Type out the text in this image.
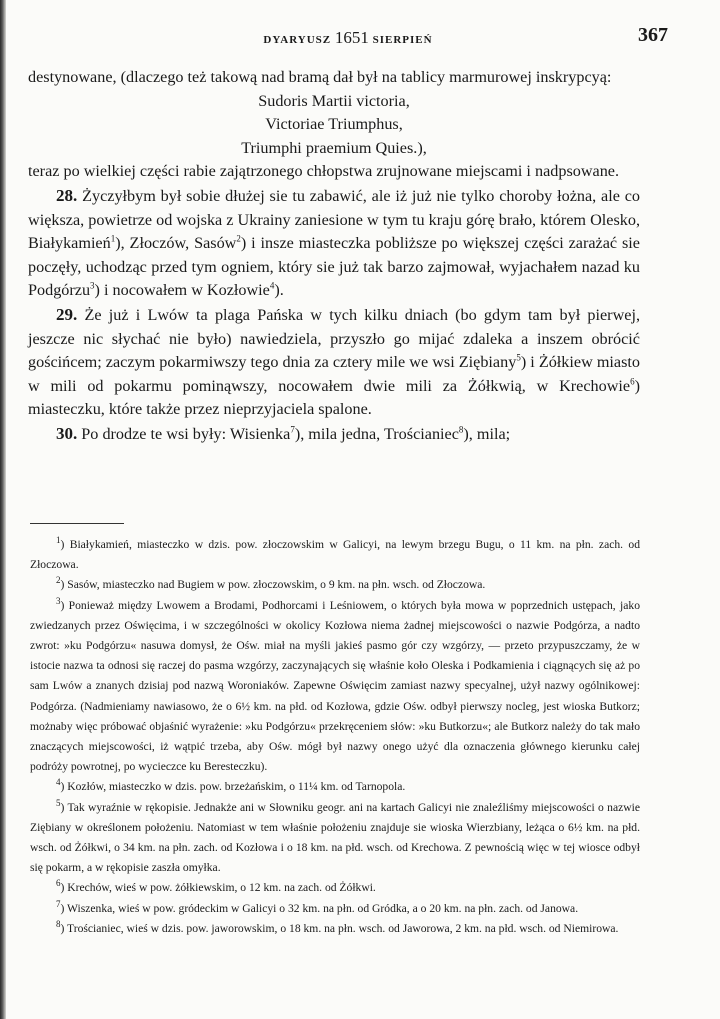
DYARYUSZ 1651 SIERPIEŃ	367

destynowane, (dlaczego też takową nad bramą dał był na tablicy marmurowej inskrypcyą:

Sudoris Martii victoria,

Victoriae Triumphus,

Triumphi praemium Quies.),

teraz po wielkiej części rabie zajątrzonego chłopstwa zrujnowane miejscami i nadpsowane.

28. Życzyłbym był sobie dłużej sie tu zabawić, ale iż już nie tylko choroby łożna, ale co większa, powietrze od wojska z Ukrainy zaniesione w tym tu kraju górę brało, którem Olesko, Białykamień$^1$), Złoczów, Sasów$^2$) i insze miasteczka pobliższe po większej części zarażać sie poczęły, uchodząc przed tym ogniem, który sie już tak barzo zajmował, wyjachałem nazad ku Podgórzu$^3$) i nocowałem w Kozłowie$^4$).

29. Że już i Lwów ta plaga Pańska w tych kilku dniach (bo gdym tam był pierwej, jeszcze nic słychać nie było) nawiedziela, przyszło go mijać zdaleka a inszem obrócić gościńcem; zaczym pokarmiwszy tego dnia za cztery mile we wsi Ziębiany$^5$) i Żółkiew miasto w mili od pokarmu pominąwszy, nocowałem dwie mili za Żółkwią, w Krechowie$^6$) miasteczku, które także przez nieprzyjaciela spalone.

30. Po drodze te wsi były: Wisienka$^7$), mila jedna, Trościaniec$^8$), mila;

$^1$) Białykamień, miasteczko w dzis. pow. złoczowskim w Galicyi, na lewym brzegu Bugu, o 11 km. na płn. zach. od Złoczowa.

$^2$) Sasów, miasteczko nad Bugiem w pow. złoczowskim, o 9 km. na płn. wsch. od Złoczowa.

$^3$) Ponieważ między Lwowem a Brodami, Podhorcami i Leśniowem, o których była mowa w poprzednich ustępach, jako zwiedzanych przez Oświęcima, i w szczególności w okolicy Kozłowa niema żadnej miejscowości o nazwie Podgórza, a nadto zwrot: »ku Podgórzu« nasuwa domysł, że Ośw. miał na myśli jakieś pasmo gór czy wzgórzy, — przeto przypuszczamy, że w istocie nazwa ta odnosi się raczej do pasma wzgórzy, zaczynających się właśnie koło Oleska i Podkamienia i ciągnących się aż po sam Lwów a znanych dzisiaj pod nazwą Woroniaków. Zapewne Oświęcim zamiast nazwy specyalnej, użył nazwy ogólnikowej: Podgórza. (Nadmieniamy nawiasowo, że o 6½ km. na płd. od Kozłowa, gdzie Ośw. odbył pierwszy nocleg, jest wioska Butkorz; możnaby więc próbować objaśnić wyrażenie: »ku Podgórzu« przekręceniem słów: »ku Butkorzu«; ale Butkorz należy do tak mało znaczących miejscowości, iż wątpić trzeba, aby Ośw. mógł był nazwy onego użyć dla oznaczenia głównego kierunku całej podróży powrotnej, po wycieczce ku Beresteczku).

$^4$) Kozłów, miasteczko w dzis. pow. brzeżańskim, o 11¼ km. od Tarnopola.

$^5$) Tak wyraźnie w rękopisie. Jednakże ani w Słowniku geogr. ani na kartach Galicyi nie znaleźliśmy miejscowości o nazwie Ziębiany w określonem położeniu. Natomiast w tem właśnie położeniu znajduje sie wioska Wierzbiany, leżąca o 6½ km. na płd. wsch. od Żółkwi, o 34 km. na płn. zach. od Kozłowa i o 18 km. na płd. wsch. od Krechowa. Z pewnością więc w tej wiosce odbył się pokarm, a w rękopisie zaszła omyłka.

$^6$) Krechów, wieś w pow. żółkiewskim, o 12 km. na zach. od Żółkwi.

$^7$) Wiszenka, wieś w pow. gródeckim w Galicyi o 32 km. na płn. od Gródka, a o 20 km. na płn. zach. od Janowa.

$^8$) Trościaniec, wieś w dzis. pow. jaworowskim, o 18 km. na płn. wsch. od Jaworowa, 2 km. na płd. wsch. od Niemirowa.
